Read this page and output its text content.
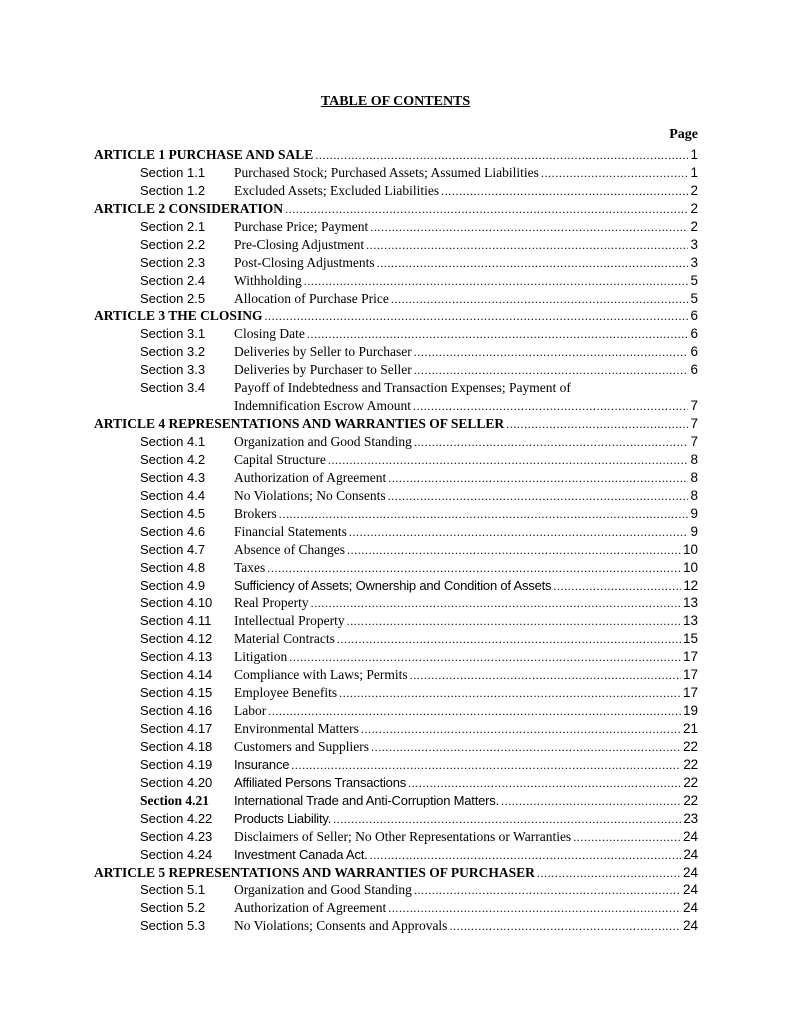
TABLE OF CONTENTS
Page
ARTICLE 1 PURCHASE AND SALE .....	1
Section 1.1 Purchased Stock; Purchased Assets; Assumed Liabilities .....	1
Section 1.2 Excluded Assets; Excluded Liabilities .....	2
ARTICLE 2 CONSIDERATION .....	2
Section 2.1 Purchase Price; Payment .....	2
Section 2.2 Pre-Closing Adjustment .....	3
Section 2.3 Post-Closing Adjustments .....	3
Section 2.4 Withholding .....	5
Section 2.5 Allocation of Purchase Price .....	5
ARTICLE 3 THE CLOSING .....	6
Section 3.1 Closing Date .....	6
Section 3.2 Deliveries by Seller to Purchaser .....	6
Section 3.3 Deliveries by Purchaser to Seller .....	6
Section 3.4 Payoff of Indebtedness and Transaction Expenses; Payment of
Indemnification Escrow Amount .....	7
ARTICLE 4 REPRESENTATIONS AND WARRANTIES OF SELLER .....	7
Section 4.1 Organization and Good Standing .....	7
Section 4.2 Capital Structure .....	8
Section 4.3 Authorization of Agreement .....	8
Section 4.4 No Violations; No Consents .....	8
Section 4.5 Brokers .....	9
Section 4.6 Financial Statements .....	9
Section 4.7 Absence of Changes .....	10
Section 4.8 Taxes .....	10
Section 4.9 Sufficiency of Assets; Ownership and Condition of Assets .....	12
Section 4.10 Real Property .....	13
Section 4.11 Intellectual Property .....	13
Section 4.12 Material Contracts .....	15
Section 4.13 Litigation .....	17
Section 4.14 Compliance with Laws; Permits .....	17
Section 4.15 Employee Benefits .....	17
Section 4.16 Labor .....	19
Section 4.17 Environmental Matters .....	21
Section 4.18 Customers and Suppliers .....	22
Section 4.19 Insurance .....	22
Section 4.20 Affiliated Persons Transactions .....	22
Section 4.21 International Trade and Anti-Corruption Matters. .....	22
Section 4.22 Products Liability. .....	23
Section 4.23 Disclaimers of Seller; No Other Representations or Warranties .....	24
Section 4.24 Investment Canada Act. .....	24
ARTICLE 5 REPRESENTATIONS AND WARRANTIES OF PURCHASER .....	24
Section 5.1 Organization and Good Standing .....	24
Section 5.2 Authorization of Agreement .....	24
Section 5.3 No Violations; Consents and Approvals .....	24
